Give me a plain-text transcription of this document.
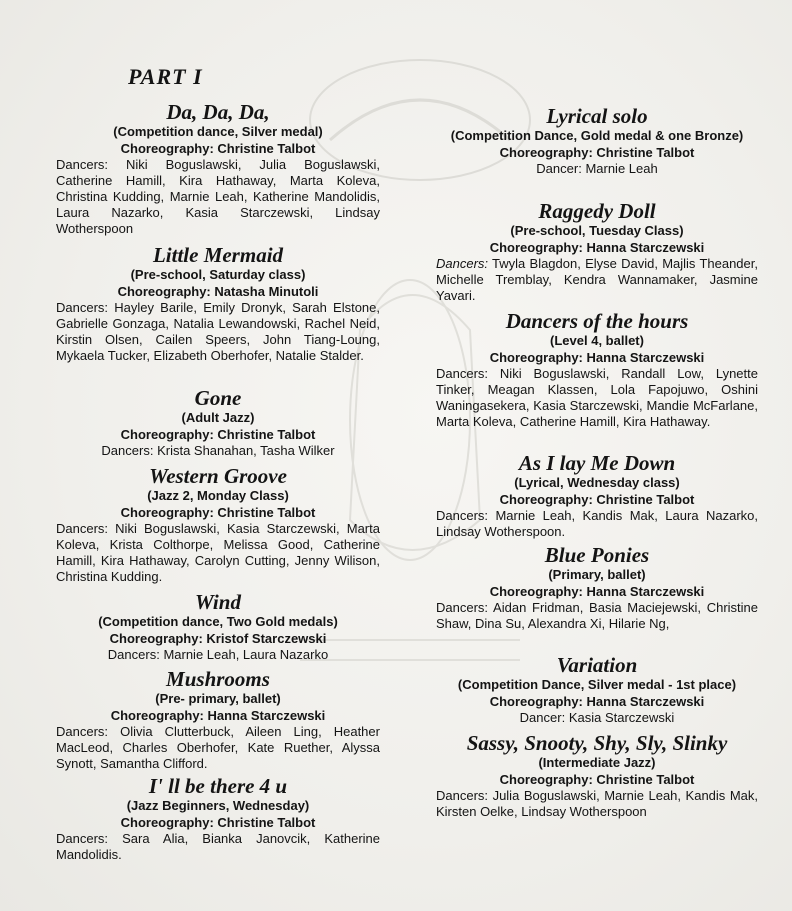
PART I

Da, Da, Da,

(Competition dance, Silver medal)

Choreography: Christine Talbot

Dancers: Niki Boguslawski, Julia Boguslawski, Catherine Hamill, Kira Hathaway, Marta Koleva, Christina Kudding, Marnie Leah, Katherine Mandolidis, Laura Nazarko, Kasia Starczewski, Lindsay Wotherspoon

Little Mermaid

(Pre-school, Saturday class)

Choreography: Natasha Minutoli

Dancers: Hayley Barile, Emily Dronyk, Sarah Elstone, Gabrielle Gonzaga, Natalia Lewandowski, Rachel Neid, Kirstin Olsen, Cailen Speers, John Tiang-Loung, Mykaela Tucker, Elizabeth Oberhofer, Natalie Stalder.

Gone

(Adult Jazz)

Choreography: Christine Talbot

Dancers: Krista Shanahan, Tasha Wilker

Western Groove

(Jazz 2, Monday Class)

Choreography: Christine Talbot

Dancers: Niki Boguslawski, Kasia Starczewski, Marta Koleva, Krista Colthorpe, Melissa Good, Catherine Hamill, Kira Hathaway, Carolyn Cutting, Jenny Wilison, Christina Kudding.

Wind

(Competition dance, Two Gold medals)

Choreography: Kristof Starczewski

Dancers: Marnie Leah, Laura Nazarko

Mushrooms

(Pre- primary, ballet)

Choreography: Hanna Starczewski

Dancers: Olivia Clutterbuck, Aileen Ling, Heather MacLeod, Charles Oberhofer, Kate Ruether, Alyssa Synott, Samantha Clifford.

I' ll be there 4 u

(Jazz Beginners, Wednesday)

Choreography: Christine Talbot

Dancers: Sara Alia, Bianka Janovcik, Katherine Mandolidis.

Lyrical solo

(Competition Dance, Gold medal & one Bronze)

Choreography: Christine Talbot

Dancer: Marnie Leah

Raggedy Doll

(Pre-school, Tuesday Class)

Choreography: Hanna Starczewski

Dancers: Twyla Blagdon, Elyse David, Majlis Theander, Michelle Tremblay, Kendra Wannamaker, Jasmine Yavari.

Dancers of the hours

(Level 4, ballet)

Choreography: Hanna Starczewski

Dancers: Niki Boguslawski, Randall Low, Lynette Tinker, Meagan Klassen, Lola Fapojuwo, Oshini Waningasekera, Kasia Starczewski, Mandie McFarlane, Marta Koleva, Catherine Hamill, Kira Hathaway.

As I lay Me Down

(Lyrical, Wednesday class)

Choreography: Christine Talbot

Dancers: Marnie Leah, Kandis Mak, Laura Nazarko, Lindsay Wotherspoon.

Blue Ponies

(Primary, ballet)

Choreography: Hanna Starczewski

Dancers: Aidan Fridman, Basia Maciejewski, Christine Shaw, Dina Su, Alexandra Xi, Hilarie Ng,

Variation

(Competition Dance, Silver medal - 1st place)

Choreography: Hanna Starczewski

Dancer: Kasia Starczewski

Sassy, Snooty, Shy, Sly, Slinky

(Intermediate Jazz)

Choreography: Christine Talbot

Dancers: Julia Boguslawski, Marnie Leah, Kandis Mak, Kirsten Oelke, Lindsay Wotherspoon
